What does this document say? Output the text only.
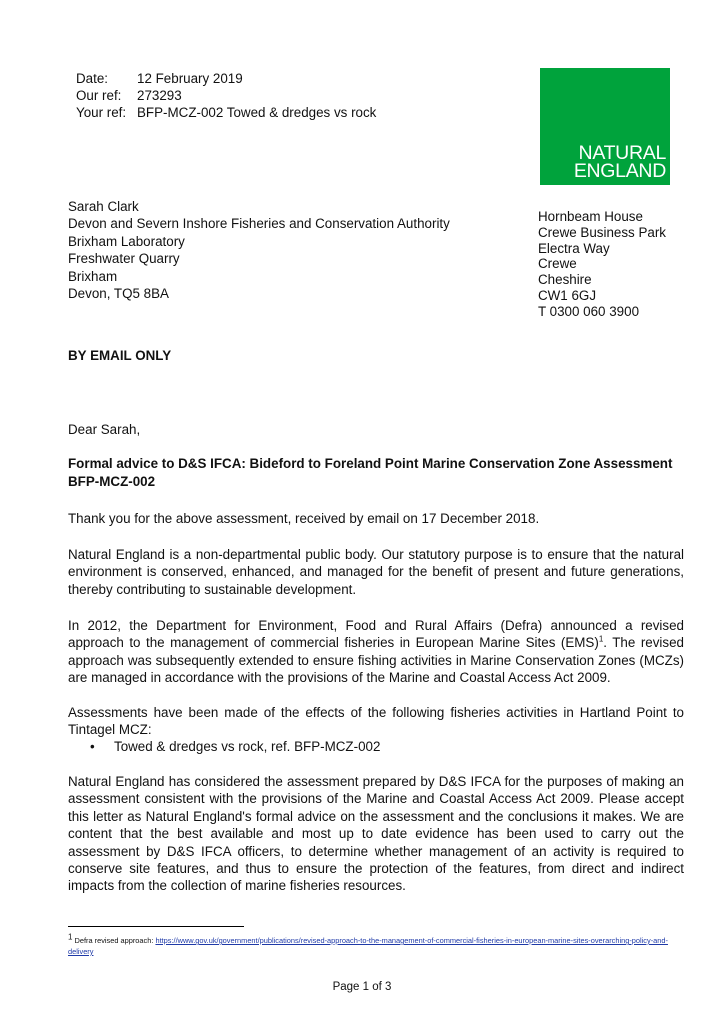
Date:	12 February 2019
Our ref:	273293
Your ref: BFP-MCZ-002 Towed & dredges vs rock
NATURAL
ENGLAND
Sarah Clark
Devon and Severn Inshore Fisheries and Conservation Authority
Brixham Laboratory
Freshwater Quarry
Brixham
Devon, TQ5 8BA
Hornbeam House
Crewe Business Park
Electra Way
Crewe
Cheshire
CW1 6GJ
T 0300 060 3900
BY EMAIL ONLY
Dear Sarah,
Formal advice to D&S IFCA: Bideford to Foreland Point Marine Conservation Zone Assessment
BFP-MCZ-002
Thank you for the above assessment, received by email on 17 December 2018.
Natural England is a non-departmental public body. Our statutory purpose is to ensure that the natural environment is conserved, enhanced, and managed for the benefit of present and future generations, thereby contributing to sustainable development.
In 2012, the Department for Environment, Food and Rural Affairs (Defra) announced a revised approach to the management of commercial fisheries in European Marine Sites (EMS)$^1$. The revised approach was subsequently extended to ensure fishing activities in Marine Conservation Zones (MCZs) are managed in accordance with the provisions of the Marine and Coastal Access Act 2009.
Assessments have been made of the effects of the following fisheries activities in Hartland Point to Tintagel MCZ:
• Towed & dredges vs rock, ref. BFP-MCZ-002
Natural England has considered the assessment prepared by D&S IFCA for the purposes of making an assessment consistent with the provisions of the Marine and Coastal Access Act 2009. Please accept this letter as Natural England's formal advice on the assessment and the conclusions it makes. We are content that the best available and most up to date evidence has been used to carry out the assessment by D&S IFCA officers, to determine whether management of an activity is required to conserve site features, and thus to ensure the protection of the features, from direct and indirect impacts from the collection of marine fisheries resources.
1 Defra revised approach: https://www.gov.uk/government/publications/revised-approach-to-the-management-of-commercial-fisheries-in-european-marine-sites-overarching-policy-and-delivery
Page 1 of 3
